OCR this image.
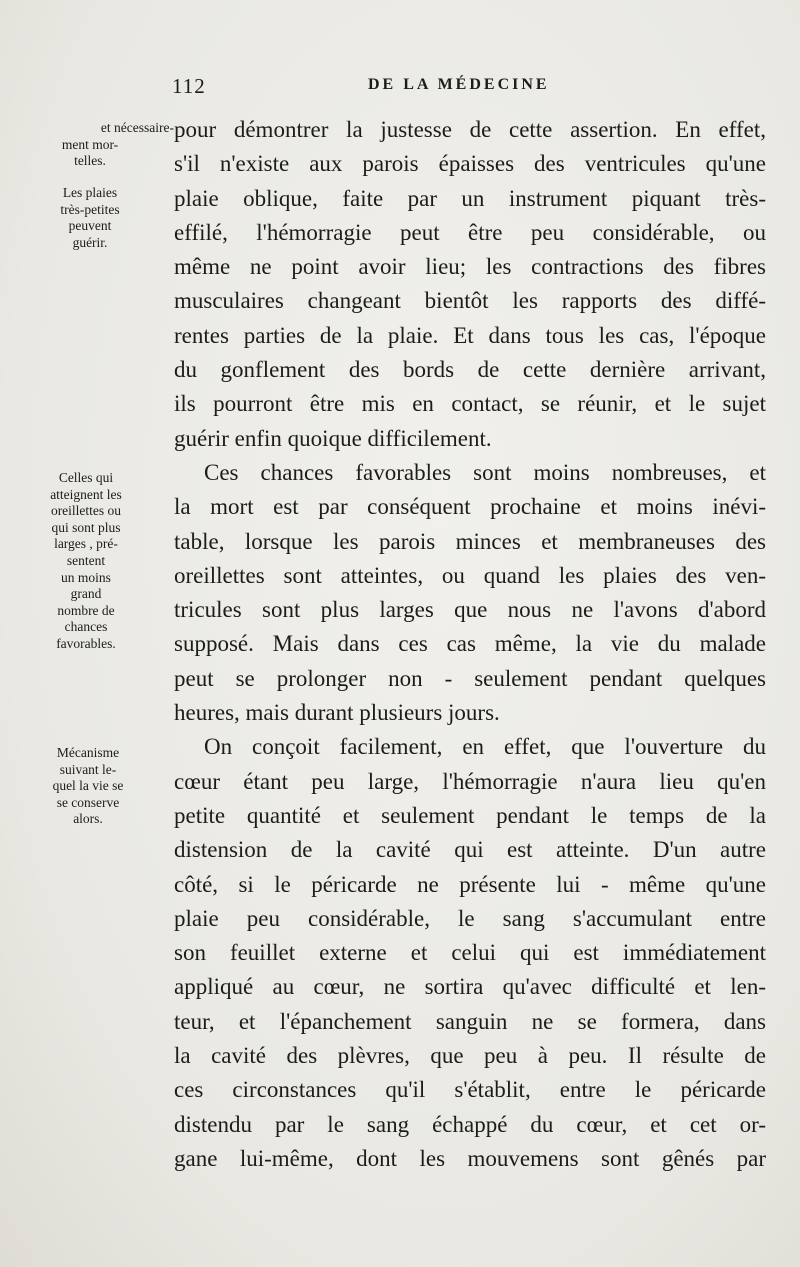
112	DE LA MÉDECINE
et nécessaire-
ment mor-
telles.
Les plaies
très-petites
peuvent
guérir.
Celles qui
atteignent les
oreillettes ou
qui sont plus
larges , pré-
sentent
un moins
grand
nombre de
chances
favorables.
Mécanisme
suivant le-
quel la vie se
se conserve
alors.
pour démontrer la justesse de cette assertion. En effet,
s'il n'existe aux parois épaisses des ventricules qu'une
plaie oblique, faite par un instrument piquant très-
effilé, l'hémorragie peut être peu considérable, ou
même ne point avoir lieu; les contractions des fibres
musculaires changeant bientôt les rapports des diffé-
rentes parties de la plaie. Et dans tous les cas, l'époque
du gonflement des bords de cette dernière arrivant,
ils pourront être mis en contact, se réunir, et le sujet
guérir enfin quoique difficilement.
Ces chances favorables sont moins nombreuses, et
la mort est par conséquent prochaine et moins inévi-
table, lorsque les parois minces et membraneuses des
oreillettes sont atteintes, ou quand les plaies des ven-
tricules sont plus larges que nous ne l'avons d'abord
supposé. Mais dans ces cas même, la vie du malade
peut se prolonger non - seulement pendant quelques
heures, mais durant plusieurs jours.
On conçoit facilement, en effet, que l'ouverture du
cœur étant peu large, l'hémorragie n'aura lieu qu'en
petite quantité et seulement pendant le temps de la
distension de la cavité qui est atteinte. D'un autre
côté, si le péricarde ne présente lui - même qu'une
plaie peu considérable, le sang s'accumulant entre
son feuillet externe et celui qui est immédiatement
appliqué au cœur, ne sortira qu'avec difficulté et len-
teur, et l'épanchement sanguin ne se formera, dans
la cavité des plèvres, que peu à peu. Il résulte de
ces circonstances qu'il s'établit, entre le péricarde
distendu par le sang échappé du cœur, et cet or-
gane lui-même, dont les mouvemens sont gênés par
